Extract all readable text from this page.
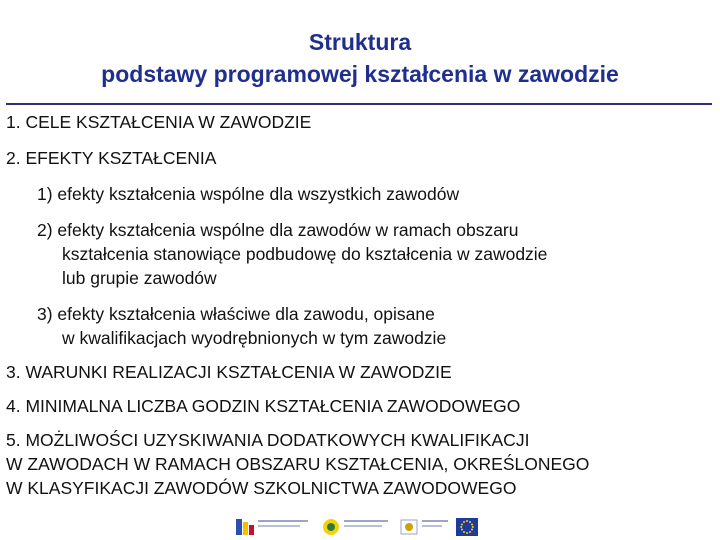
Struktura
podstawy programowej kształcenia w zawodzie
1. CELE KSZTAŁCENIA W ZAWODZIE
2. EFEKTY KSZTAŁCENIA
1) efekty kształcenia wspólne dla wszystkich zawodów
2) efekty kształcenia wspólne dla zawodów w ramach obszaru
kształcenia stanowiące podbudowę do kształcenia w zawodzie
lub grupie zawodów
3) efekty kształcenia właściwe dla zawodu, opisane
w kwalifikacjach wyodrębnionych w tym zawodzie
3. WARUNKI REALIZACJI KSZTAŁCENIA W ZAWODZIE
4. MINIMALNA LICZBA GODZIN KSZTAŁCENIA ZAWODOWEGO
5. MOŻLIWOŚCI UZYSKIWANIA DODATKOWYCH KWALIFIKACJI
W ZAWODACH W RAMACH OBSZARU KSZTAŁCENIA, OKREŚLONEGO
W KLASYFIKACJI ZAWODÓW SZKOLNICTWA ZAWODOWEGO
